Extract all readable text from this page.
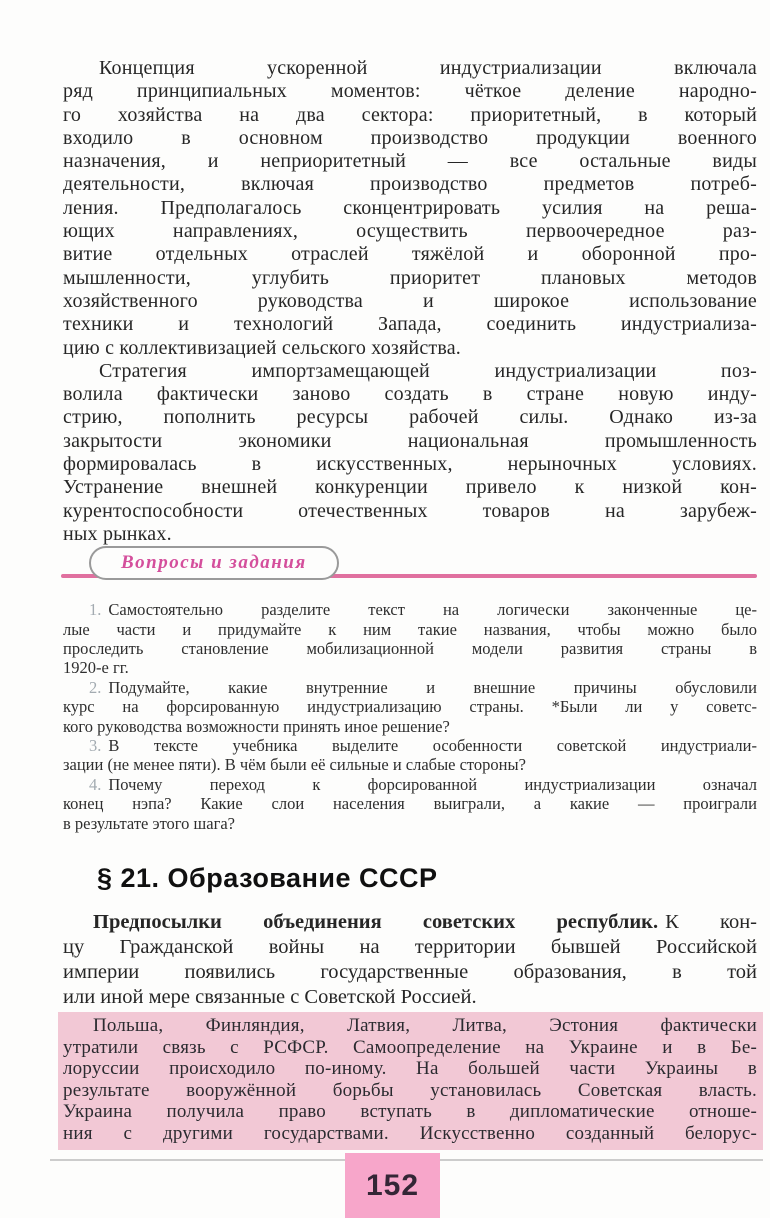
Концепция ускоренной индустриализации включала
ряд принципиальных моментов: чёткое деление народно-
го хозяйства на два сектора: приоритетный, в который
входило в основном производство продукции военного
назначения, и неприоритетный — все остальные виды
деятельности, включая производство предметов потреб-
ления. Предполагалось сконцентрировать усилия на реша-
ющих направлениях, осуществить первоочередное раз-
витие отдельных отраслей тяжёлой и оборонной про-
мышленности, углубить приоритет плановых методов
хозяйственного руководства и широкое использование
техники и технологий Запада, соединить индустриализа-
цию с коллективизацией сельского хозяйства.
Стратегия импортзамещающей индустриализации поз-
волила фактически заново создать в стране новую инду-
стрию, пополнить ресурсы рабочей силы. Однако из-за
закрытости экономики национальная промышленность
формировалась в искусственных, нерыночных условиях.
Устранение внешней конкуренции привело к низкой кон-
курентоспособности отечественных товаров на зарубеж-
ных рынках.
Вопросы и задания
1. Самостоятельно разделите текст на логически законченные це-
лые части и придумайте к ним такие названия, чтобы можно было
проследить становление мобилизационной модели развития страны в
1920-е гг.
2. Подумайте, какие внутренние и внешние причины обусловили
курс на форсированную индустриализацию страны. *Были ли у советс-
кого руководства возможности принять иное решение?
3. В тексте учебника выделите особенности советской индустриали-
зации (не менее пяти). В чём были её сильные и слабые стороны?
4. Почему переход к форсированной индустриализации означал
конец нэпа? Какие слои населения выиграли, а какие — проиграли
в результате этого шага?
§ 21. Образование СССР
Предпосылки объединения советских республик. К кон-
цу Гражданской войны на территории бывшей Российской
империи появились государственные образования, в той
или иной мере связанные с Советской Россией.
Польша, Финляндия, Латвия, Литва, Эстония фактически
утратили связь с РСФСР. Самоопределение на Украине и в Бе-
лоруссии происходило по-иному. На большей части Украины в
результате вооружённой борьбы установилась Советская власть.
Украина получила право вступать в дипломатические отноше-
ния с другими государствами. Искусственно созданный белорус-
152
